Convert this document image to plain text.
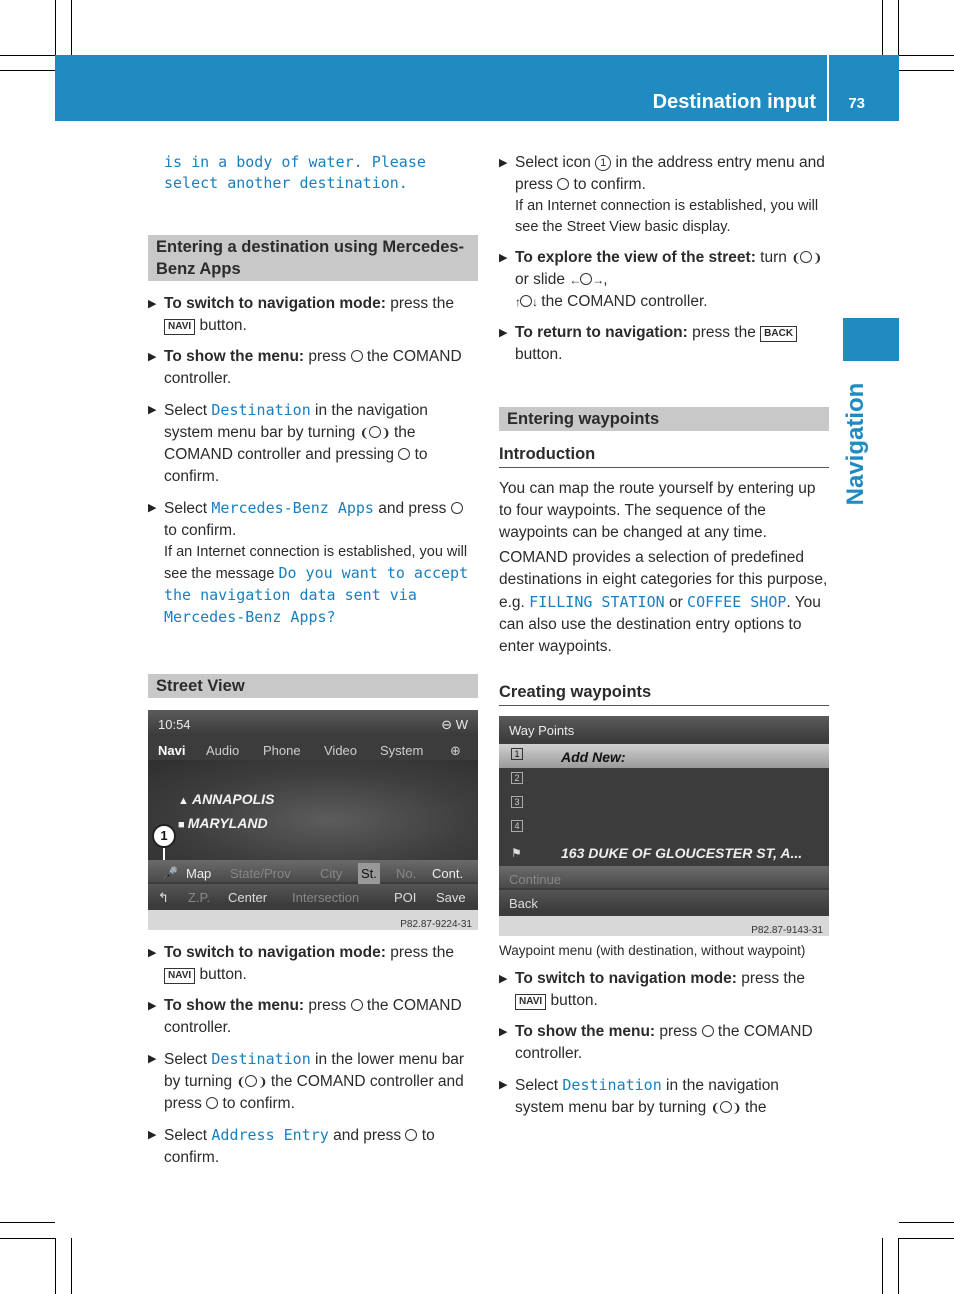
Destination input 73
Navigation
is in a body of water. Please
select another destination.
Entering a destination using Mercedes-Benz Apps
▶ To switch to navigation mode: press the NAVI button.
▶ To show the menu: press  the COMAND controller.
▶ Select Destination in the navigation system menu bar by turning ❨ ❩ the COMAND controller and pressing  to confirm.
▶ Select Mercedes-Benz Apps and press  to confirm.
If an Internet connection is established, you will see the message Do you want to accept the navigation data sent via Mercedes-Benz Apps?
Street View
10:54	⊖ W
Navi Audio Phone Video System ⊕
▲ ANNAPOLIS
■ MARYLAND
1
🎤 Map State/Prov City St. No. Cont.
↰ Z.P. Center Intersection	POI Save
P82.87-9224-31
▶ To switch to navigation mode: press the NAVI button.
▶ To show the menu: press  the COMAND controller.
▶ Select Destination in the lower menu bar by turning ❨ ❩ the COMAND controller and press  to confirm.
▶ Select Address Entry and press  to confirm.
▶ Select icon 1 in the address entry menu and press  to confirm.
If an Internet connection is established, you will see the Street View basic display.
▶ To explore the view of the street: turn ❨ ❩ or slide ← →,
↑ ↓ the COMAND controller.
▶ To return to navigation: press the BACK button.
Entering waypoints
Introduction
You can map the route yourself by entering up to four waypoints. The sequence of the waypoints can be changed at any time.
COMAND provides a selection of predefined destinations in eight categories for this purpose, e.g. FILLING STATION or COFFEE SHOP. You can also use the destination entry options to enter waypoints.
Creating waypoints
Way Points
1	Add New:
2
3
4
⚑	163 DUKE OF GLOUCESTER ST, A...
Continue
Back
P82.87-9143-31
Waypoint menu (with destination, without waypoint)
▶ To switch to navigation mode: press the NAVI button.
▶ To show the menu: press  the COMAND controller.
▶ Select Destination in the navigation system menu bar by turning ❨ ❩ the
